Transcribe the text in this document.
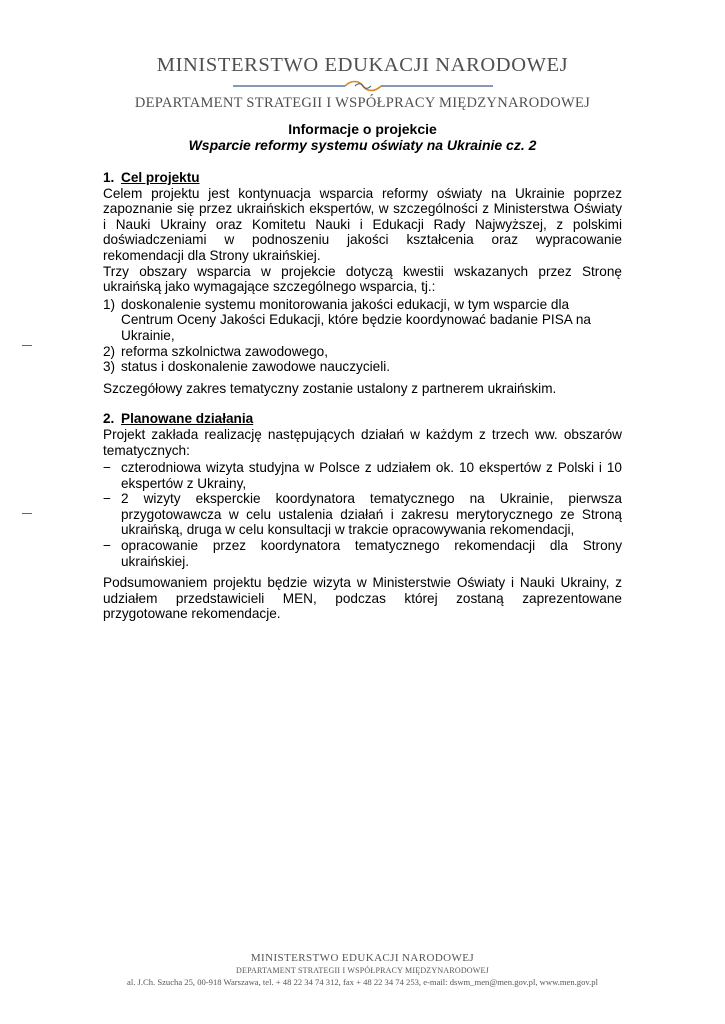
MINISTERSTWO EDUKACJI NARODOWEJ
DEPARTAMENT STRATEGII I WSPÓŁPRACY MIĘDZYNARODOWEJ
Informacje o projekcie
Wsparcie reformy systemu oświaty na Ukrainie cz. 2
1. Cel projektu

Celem projektu jest kontynuacja wsparcia reformy oświaty na Ukrainie poprzez zapoznanie się przez ukraińskich ekspertów, w szczególności z Ministerstwa Oświaty i Nauki Ukrainy oraz Komitetu Nauki i Edukacji Rady Najwyższej, z polskimi doświadczeniami w podnoszeniu jakości kształcenia oraz wypracowanie rekomendacji dla Strony ukraińskiej.

Trzy obszary wsparcia w projekcie dotyczą kwestii wskazanych przez Stronę ukraińską jako wymagające szczególnego wsparcia, tj.:

1) doskonalenie systemu monitorowania jakości edukacji, w tym wsparcie dla Centrum Oceny Jakości Edukacji, które będzie koordynować badanie PISA na Ukrainie,
2) reforma szkolnictwa zawodowego,
3) status i doskonalenie zawodowe nauczycieli.

Szczegółowy zakres tematyczny zostanie ustalony z partnerem ukraińskim.

2. Planowane działania

Projekt zakłada realizację następujących działań w każdym z trzech ww. obszarów tematycznych:

− czterodniowa wizyta studyjna w Polsce z udziałem ok. 10 ekspertów z Polski i 10 ekspertów z Ukrainy,
− 2 wizyty eksperckie koordynatora tematycznego na Ukrainie, pierwsza przygotowawcza w celu ustalenia działań i zakresu merytorycznego ze Stroną ukraińską, druga w celu konsultacji w trakcie opracowywania rekomendacji,
− opracowanie przez koordynatora tematycznego rekomendacji dla Strony ukraińskiej.

Podsumowaniem projektu będzie wizyta w Ministerstwie Oświaty i Nauki Ukrainy, z udziałem przedstawicieli MEN, podczas której zostaną zaprezentowane przygotowane rekomendacje.

MINISTERSTWO EDUKACJI NARODOWEJ
DEPARTAMENT STRATEGII I WSPÓŁPRACY MIĘDZYNARODOWEJ
al. J.Ch. Szucha 25, 00-918 Warszawa, tel. + 48 22 34 74 312, fax + 48 22 34 74 253, e-mail: dswm_men@men.gov.pl, www.men.gov.pl
